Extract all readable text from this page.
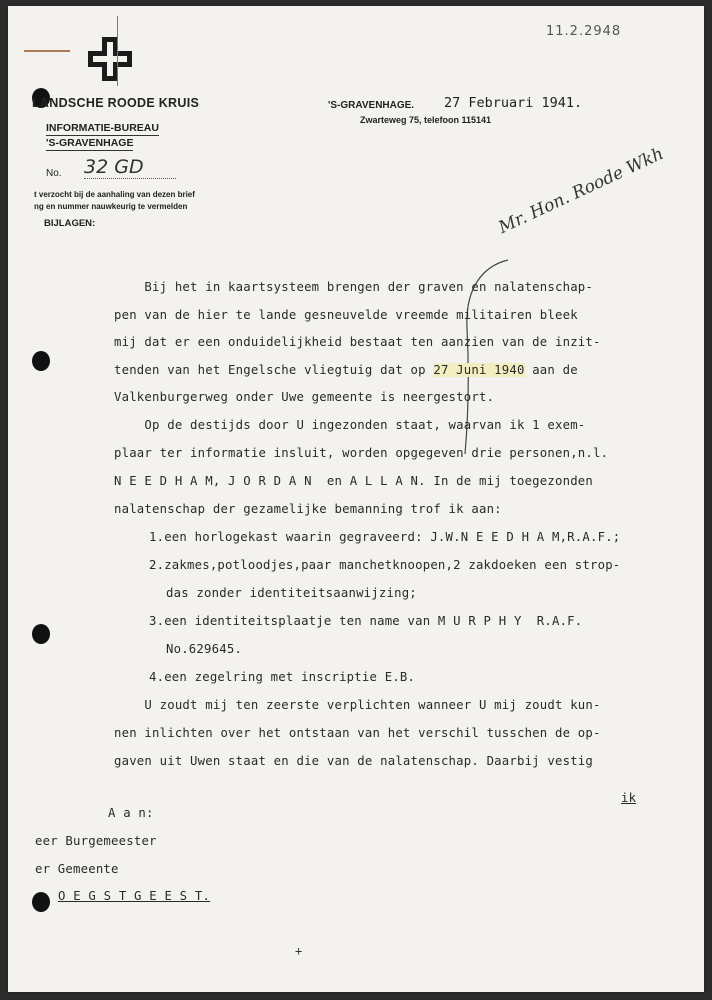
11.2.2948
LANDSCHE ROODE KRUIS
INFORMATIE-BUREAU
'S-GRAVENHAGE
No. 32 GD
t verzocht bij de aanhaling van dezen brief
ng en nummer nauwkeurig te vermelden
BIJLAGEN:
'S-GRAVENHAGE. 27 Februari 1941.
Zwarteweg 75, telefoon 115141
Mr. Hon. Roode Wkh
Bij het in kaartsysteem brengen der graven en nalatenschap-
pen van de hier te lande gesneuvelde vreemde militairen bleek
mij dat er een onduidelijkheid bestaat ten aanzien van de inzit-
tenden van het Engelsche vliegtuig dat op 27 Juni 1940 aan de
Valkenburgerweg onder Uwe gemeente is neergestort.
Op de destijds door U ingezonden staat, waarvan ik 1 exem-
plaar ter informatie insluit, worden opgegeven drie personen,n.l.
N E E D H A M, J O R D A N  en A L L A N. In de mij toegezonden
nalatenschap der gezamelijke bemanning trof ik aan:
1.een horlogekast waarin gegraveerd: J.W.N E E D H A M,R.A.F.;
2.zakmes,potloodjes,paar manchetknoopen,2 zakdoeken een strop-
das zonder identiteitsaanwijzing;
3.een identiteitsplaatje ten name van M U R P H Y  R.A.F.
No.629645.
4.een zegelring met inscriptie E.B.
U zoudt mij ten zeerste verplichten wanneer U mij zoudt kun-
nen inlichten over het ontstaan van het verschil tusschen de op-
gaven uit Uwen staat en die van de nalatenschap. Daarbij vestig
ik
A a n:
eer Burgemeester
er Gemeente
O E G S T G E E S T.
+
